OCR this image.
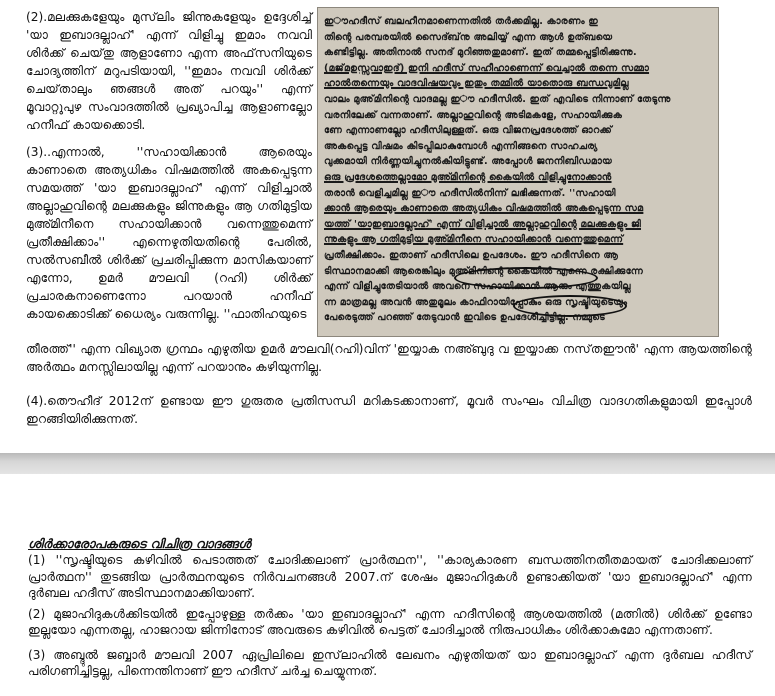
(2).മലക്കുകളേയും മുസ്‌ലിം ജിന്നുകളേയും ഉദ്ദേശിച്ച് 'യാ ഇബാദല്ലാഹ്' എന്ന് വിളിച്ചു ഇമാം നവവി ശിർക്ക് ചെയ്‌തു ആളാണോ എന്ന അഫ്‌സനിയുടെ ചോദ്യത്തിന് മറുപടിയായി, ''ഇമാം നവവി ശിർക്ക് ചെയ്‌താലും ഞങ്ങൾ അത് പറയും'' എന്ന് മൂവാറ്റുപുഴ സംവാദത്തിൽ പ്രഖ്യാപിച്ച ആളാണല്ലോ ഹനീഫ് കായക്കൊടി.

(3)..എന്നാൽ, ''സഹായിക്കാൻ ആരെയും കാണാതെ അത്യധികം വിഷമത്തിൽ അകപ്പെടുന്ന സമയത്ത് 'യാ ഇബാദല്ലാഹ്' എന്ന് വിളിച്ചാൽ അല്ലാഹുവിന്റെ മലക്കുകളും ജിന്നുകളും ആ ഗതിമുട്ടിയ മുഅ്മിനീനെ സഹായിക്കാൻ വന്നെത്തുമെന്ന് പ്രതീക്ഷിക്കാം'' എന്നെഴുതിയതിന്റെ പേരിൽ, സൽസബീൽ ശിർക്ക് പ്രചരിപ്പിക്കുന്ന മാസികയാണ് എന്നോ, ഉമർ മൗലവി (റഹി) ശിർക്ക് പ്രചാരകനാണെന്നോ പറയാൻ ഹനീഫ് കായക്കൊടിക്ക് ധൈര്യം വരുന്നില്ല. ''ഫാതിഹയുടെ

ഇൗഹദീസ് ബലഹീനമാണെന്നതിൽ തർക്കമില്ല. കാരണം ഇ
തിന്റെ പരമ്പരയിൽ സൈദ്ബ്‌നു അലിയ്യ് എന്ന ആൾ ഉത്ബയെ
കണ്ടിട്ടില്ല. അതിനാൽ സനദ് മുറിഞ്ഞതുമാണ്. ഇത് തമ്മപ്പെട്ടിരിക്കുന്നു.
(മജ്‌മഉസ്സവാഇദ്) ഇനി ഹദീസ് സഹീഹാണെന്ന് വെച്ചാൽ തന്നെ സമ്മാ
ഹാൽതന്നെയും വാദവിഷയവും ഇതും തമ്മിൽ യാതൊരു ബന്ധവുമില്ല
വാലം മുഅ്‌മിനിന്റെ വാദമല്ല ഇൗ ഹദീസിൽ. ഇത് എവിടെ നിന്നാണ് തേടുന്നു
വരനിലേക്ക് വന്നതാണ്. അല്ലാഹുവിന്റെ അടിമകളേ, സഹായിക്കുക
ണേ എന്നാണല്ലോ ഹദീസിലുള്ളത്. ഒരു വിജനപ്രദേശത്ത് ഓറക്ക്
അകപ്പെട്ട വിഷമം കിടപ്പിലാകുമ്പോൾ എന്നിങ്ങനെ സാഹചര്യ
വുക്കമായി നിർണ്ണയിച്ചുനൽകിയിട്ടുണ്ട്. അപ്പോൾ ജനനിബിഡമായ
ഒരു പ്രദേശത്തെല്ലാമോ മുഅ്മിനിന്റെ കൈയിൽ വിളിച്ചുനോക്കാൻ
തരാൻ വെളിച്ചമില്ല ഇൗ ഹദീസിൽനിന്ന് ലഭിക്കുന്നത്. ''സഹായി
ക്കാൻ ആരെയും കാണാതെ അത്യധികം വിഷമത്തിൽ അകപ്പെടുന്ന സമ
യത്ത് 'യാഇബാദല്ലാഹ്' എന്ന് വിളിച്ചാൽ അല്ലാഹുവിന്റെ മലക്കുകളും ജി
ന്നുകളും ആ ഗതിമുട്ടിയ മുഅ്മിനീനെ സഹായിക്കാൻ വന്നെത്തുമെന്ന്
പ്രതീക്ഷിക്കാം. ഇതാണ് ഹദീസിലെ ഉപദേശം. ഈ ഹദീസിനെ ആ
ടിസ്ഥാനമാക്കി ആരെങ്കിലും മുഅ്മിനിന്റെ കൈയിൽ എന്നെ രക്ഷിക്കുന്നേ
എന്ന് വിളിച്ചുതേടിയാൽ അവനെ സഹായിക്കാൻ ആരും എത്തുകയില്ല
ന്ന മാത്രമല്ല അവൻ അതുമൂലം കാഫിറായിപ്പോകും ഒരു സൃഷ്ടിയുടെയും
പേരെടുത്ത് പറഞ്ഞ് തേടുവാൻ ഇവിടെ ഉപദേശിച്ചിട്ടില്ല. നമ്മുടെ

തീരത്ത്'' എന്ന വിഖ്യാത ഗ്രന്ഥം എഴുതിയ ഉമർ മൗലവി(റഹി)വിന് 'ഇയ്യാക നഅ്ബുദു വ ഇയ്യാക്ക നസ്‌തഈൻ' എന്ന ആയത്തിന്റെ അർത്ഥം മനസ്സിലായില്ല എന്ന് പറയാനും കഴിയുന്നില്ല.

(4).തൌഹീദ് 2012ന് ഉണ്ടായ ഈ ഗുരുതര പ്രതിസന്ധി മറികടക്കാനാണ്, മൂവർ സംഘം വിചിത്ര വാദഗതികളുമായി ഇപ്പോൾ ഇറങ്ങിയിരിക്കുന്നത്.

ശിർക്കാരോപകരുടെ വിചിത്ര വാദങ്ങൾ

(1) ''സൃഷ്ടിയുടെ കഴിവിൽ പെടാത്തത് ചോദിക്കലാണ് പ്രാർത്ഥന'', ''കാര്യകാരണ ബന്ധത്തിനതീതമായത് ചോദിക്കലാണ് പ്രാർത്ഥന'' തുടങ്ങിയ പ്രാർത്ഥനയുടെ നിർവചനങ്ങൾ 2007.ന് ശേഷം മുജാഹിദുകൾ ഉണ്ടാക്കിയത് 'യാ ഇബാദല്ലാഹ്' എന്ന ദുർബല ഹദീസ് അടിസ്ഥാനമാക്കിയാണ്.

(2) മുജാഹിദുകൾക്കിടയിൽ ഇപ്പോഴുള്ള തർക്കം 'യാ ഇബാദല്ലാഹ്' എന്ന ഹദീസിന്റെ ആശയത്തിൽ (മത്നിൽ) ശിർക്ക് ഉണ്ടോ ഇല്ലയോ എന്നതല്ല, ഹാജറായ ജിന്നിനോട് അവരുടെ കഴിവിൽ പെട്ടത് ചോദിച്ചാൽ നിരുപാധികം ശിർക്കാകുമോ എന്നതാണ്.

(3) അബ്ദുൽ ജബ്ബാർ മൗലവി 2007 ഏപ്രിലിലെ ഇസ്‌ലാഹിൽ ലേഖനം എഴുതിയത് യാ ഇബാദല്ലാഹ് എന്ന ദുർബല ഹദീസ് പരിഗണിച്ചിട്ടല്ല, പിന്നെന്തിനാണ് ഈ ഹദീസ് ചർച്ച ചെയ്യുന്നത്.
